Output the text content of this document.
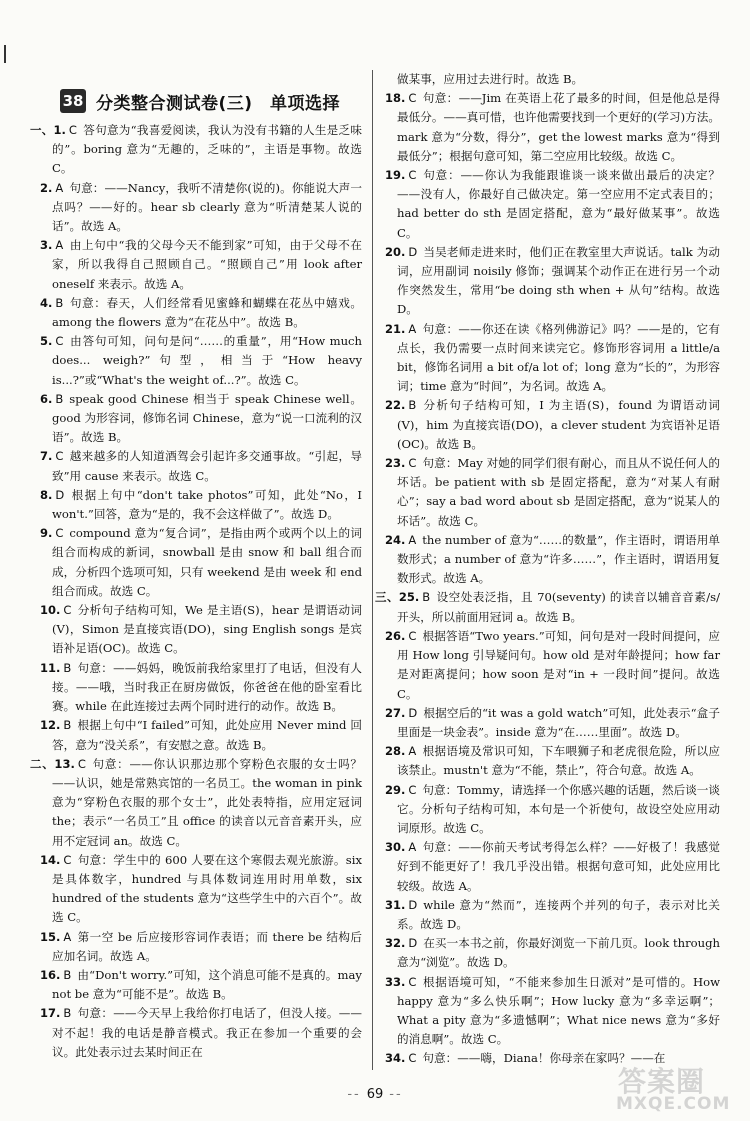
38 分类整合测试卷(三)　单项选择
一、1. C 答句意为“我喜爱阅读，我认为没有书籍的人生是乏味的”。boring 意为“无趣的，乏味的”，主语是事物。故选 C。
2. A 句意：——Nancy，我听不清楚你(说的)。你能说大声一点吗？——好的。hear sb clearly 意为“听清楚某人说的话”。故选 A。
3. A 由上句中“我的父母今天不能到家”可知，由于父母不在家，所以我得自己照顾自己。“照顾自己”用 look after oneself 来表示。故选 A。
4. B 句意：春天，人们经常看见蜜蜂和蝴蝶在花丛中嬉戏。among the flowers 意为“在花丛中”。故选 B。
5. C 由答句可知，问句是问“……的重量”，用“How much does... weigh?”句型，相当于“How heavy is...?”或“What's the weight of...?”。故选 C。
6. B speak good Chinese 相当于 speak Chinese well。good 为形容词，修饰名词 Chinese，意为“说一口流利的汉语”。故选 B。
7. C 越来越多的人知道酒驾会引起许多交通事故。“引起，导致”用 cause 来表示。故选 C。
8. D 根据上句中“don't take photos”可知，此处“No，I won't.”回答，意为“是的，我不会这样做了”。故选 D。
9. C compound 意为“复合词”，是指由两个或两个以上的词组合而构成的新词，snowball 是由 snow 和 ball 组合而成，分析四个选项可知，只有 weekend 是由 week 和 end 组合而成。故选 C。
10. C 分析句子结构可知，We 是主语(S)，hear 是谓语动词(V)，Simon 是直接宾语(DO)，sing English songs 是宾语补足语(OC)。故选 C。
11. B 句意：——妈妈，晚饭前我给家里打了电话，但没有人接。——哦，当时我正在厨房做饭，你爸爸在他的卧室看比赛。while 在此连接过去两个同时进行的动作。故选 B。
12. B 根据上句中“I failed”可知，此处应用 Never mind 回答，意为“没关系”，有安慰之意。故选 B。
二、13. C 句意：——你认识那边那个穿粉色衣服的女士吗？——认识，她是常熟宾馆的一名员工。the woman in pink 意为“穿粉色衣服的那个女士”，此处表特指，应用定冠词 the；表示“一名员工”且 office 的读音以元音音素开头，应用不定冠词 an。故选 C。
14. C 句意：学生中的 600 人要在这个寒假去观光旅游。six 是具体数字，hundred 与具体数词连用时用单数，six hundred of the students 意为“这些学生中的六百个”。故选 C。
15. A 第一空 be 后应接形容词作表语；而 there be 结构后应加名词。故选 A。
16. B 由“Don't worry.”可知，这个消息可能不是真的。may not be 意为“可能不是”。故选 B。
17. B 句意：——今天早上我给你打电话了，但没人接。——对不起！我的电话是静音模式。我正在参加一个重要的会议。此处表示过去某时间正在
做某事，应用过去进行时。故选 B。
18. C 句意：——Jim 在英语上花了最多的时间，但是他总是得最低分。——真可惜，也许他需要找到一个更好的(学习)方法。mark 意为“分数，得分”，get the lowest marks 意为“得到最低分”；根据句意可知，第二空应用比较级。故选 C。
19. C 句意：——你认为我能跟谁谈一谈来做出最后的决定？——没有人，你最好自己做决定。第一空应用不定式表目的；had better do sth 是固定搭配，意为“最好做某事”。故选 C。
20. D 当吴老师走进来时，他们正在教室里大声说话。talk 为动词，应用副词 noisily 修饰；强调某个动作正在进行另一个动作突然发生，常用“be doing sth when + 从句”结构。故选 D。
21. A 句意：——你还在读《格列佛游记》吗？——是的，它有点长，我仍需要一点时间来读完它。修饰形容词用 a little/a bit，修饰名词用 a bit of/a lot of；long 意为“长的”，为形容词；time 意为“时间”，为名词。故选 A。
22. B 分析句子结构可知，I 为主语(S)，found 为谓语动词(V)，him 为直接宾语(DO)，a clever student 为宾语补足语(OC)。故选 B。
23. C 句意：May 对她的同学们很有耐心，而且从不说任何人的坏话。be patient with sb 是固定搭配，意为“对某人有耐心”；say a bad word about sb 是固定搭配，意为“说某人的坏话”。故选 C。
24. A the number of 意为“……的数量”，作主语时，谓语用单数形式；a number of 意为“许多……”，作主语时，谓语用复数形式。故选 A。
三、25. B 设空处表泛指，且 70(seventy) 的读音以辅音音素/s/开头，所以前面用冠词 a。故选 B。
26. C 根据答语“Two years.”可知，问句是对一段时间提问，应用 How long 引导疑问句。how old 是对年龄提问；how far 是对距离提问；how soon 是对“in + 一段时间”提问。故选 C。
27. D 根据空后的“it was a gold watch”可知，此处表示“盒子里面是一块金表”。inside 意为“在……里面”。故选 D。
28. A 根据语境及常识可知，下车喂狮子和老虎很危险，所以应该禁止。mustn't 意为“不能，禁止”，符合句意。故选 A。
29. C 句意：Tommy，请选择一个你感兴趣的话题，然后谈一谈它。分析句子结构可知，本句是一个祈使句，故设空处应用动词原形。故选 C。
30. A 句意：——你前天考试考得怎么样？——好极了！我感觉好到不能更好了！我几乎没出错。根据句意可知，此处应用比较级。故选 A。
31. D while 意为“然而”，连接两个并列的句子，表示对比关系。故选 D。
32. D 在买一本书之前，你最好浏览一下前几页。look through 意为“浏览”。故选 D。
33. C 根据语境可知，“不能来参加生日派对”是可惜的。How happy 意为“多么快乐啊”；How lucky 意为“多幸运啊”；What a pity 意为“多遗憾啊”；What nice news 意为“多好的消息啊”。故选 C。
34. C 句意：——嗨，Diana！你母亲在家吗？——在
-- 69 --	答案圈
MXQE.COM
